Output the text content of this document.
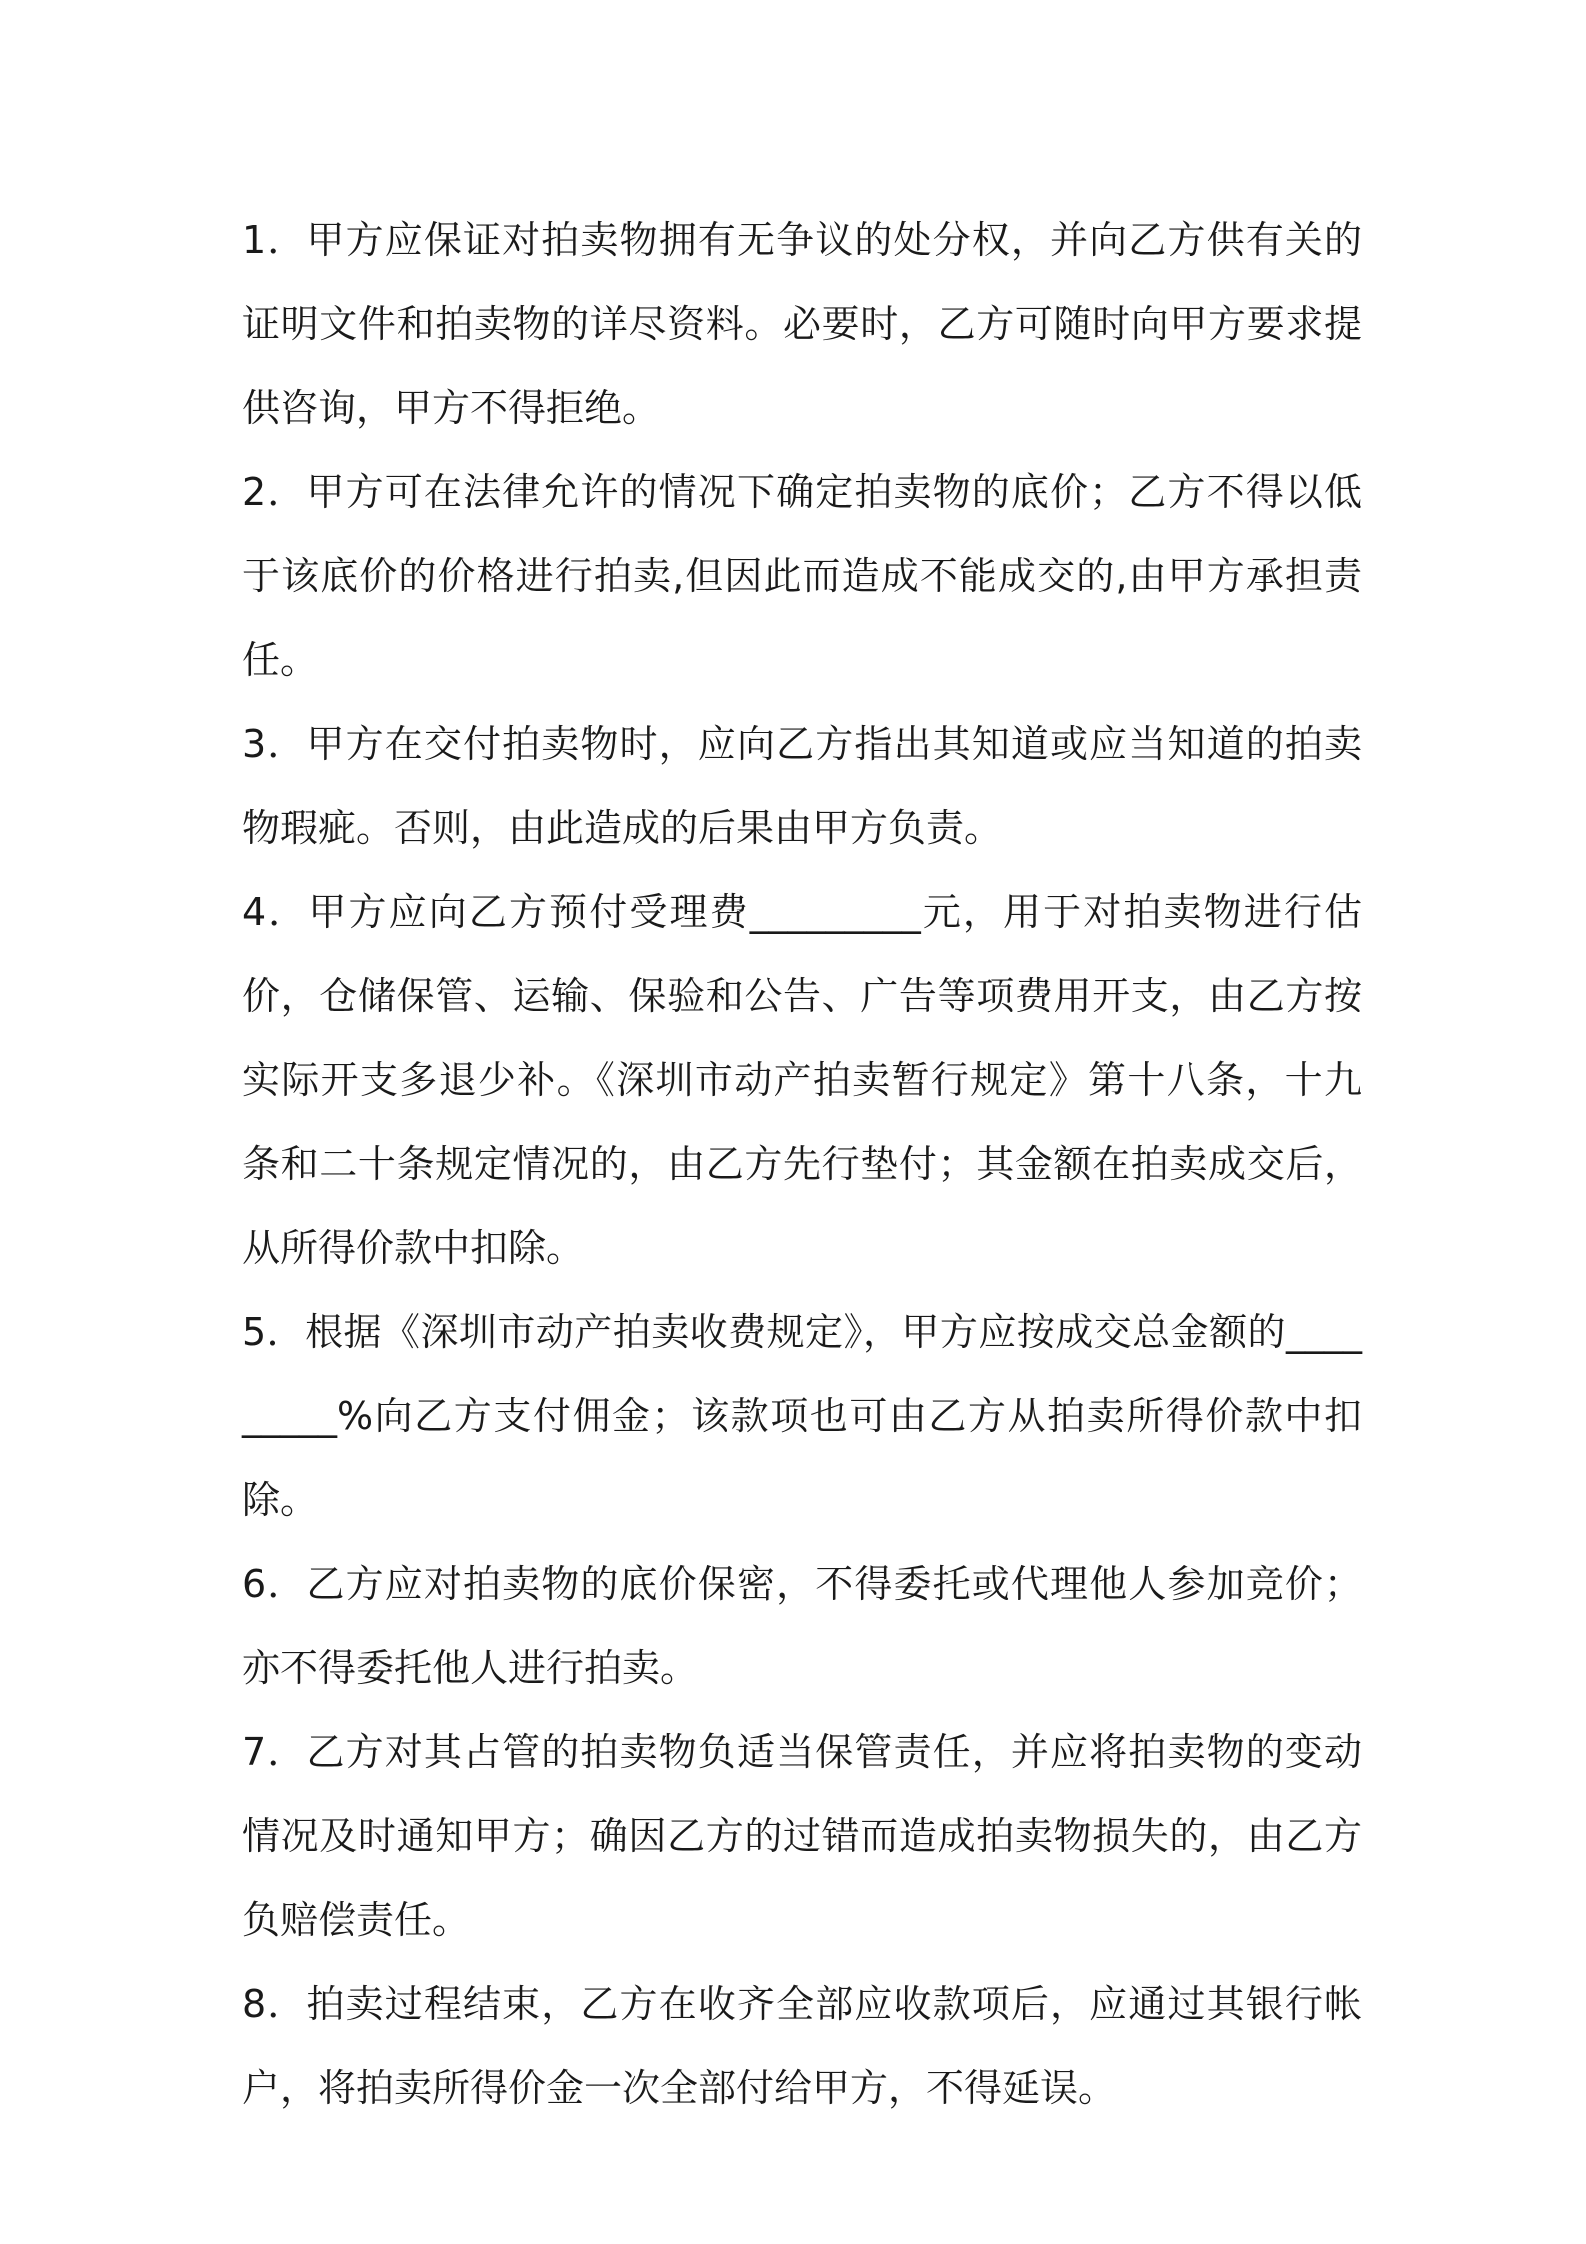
1．甲方应保证对拍卖物拥有无争议的处分权，并向乙方供有关的证明文件和拍卖物的详尽资料。必要时，乙方可随时向甲方要求提供咨询，甲方不得拒绝。

2．甲方可在法律允许的情况下确定拍卖物的底价；乙方不得以低于该底价的价格进行拍卖,但因此而造成不能成交的,由甲方承担责任。

3．甲方在交付拍卖物时，应向乙方指出其知道或应当知道的拍卖物瑕疵。否则，由此造成的后果由甲方负责。

4．甲方应向乙方预付受理费_________元，用于对拍卖物进行估价，仓储保管、运输、保验和公告、广告等项费用开支，由乙方按实际开支多退少补。《深圳市动产拍卖暂行规定》第十八条，十九条和二十条规定情况的，由乙方先行垫付；其金额在拍卖成交后，从所得价款中扣除。

5．根据《深圳市动产拍卖收费规定》，甲方应按成交总金额的_________%向乙方支付佣金；该款项也可由乙方从拍卖所得价款中扣除。

6．乙方应对拍卖物的底价保密，不得委托或代理他人参加竞价；亦不得委托他人进行拍卖。

7．乙方对其占管的拍卖物负适当保管责任，并应将拍卖物的变动情况及时通知甲方；确因乙方的过错而造成拍卖物损失的，由乙方负赔偿责任。

8．拍卖过程结束，乙方在收齐全部应收款项后，应通过其银行帐户，将拍卖所得价金一次全部付给甲方，不得延误。
